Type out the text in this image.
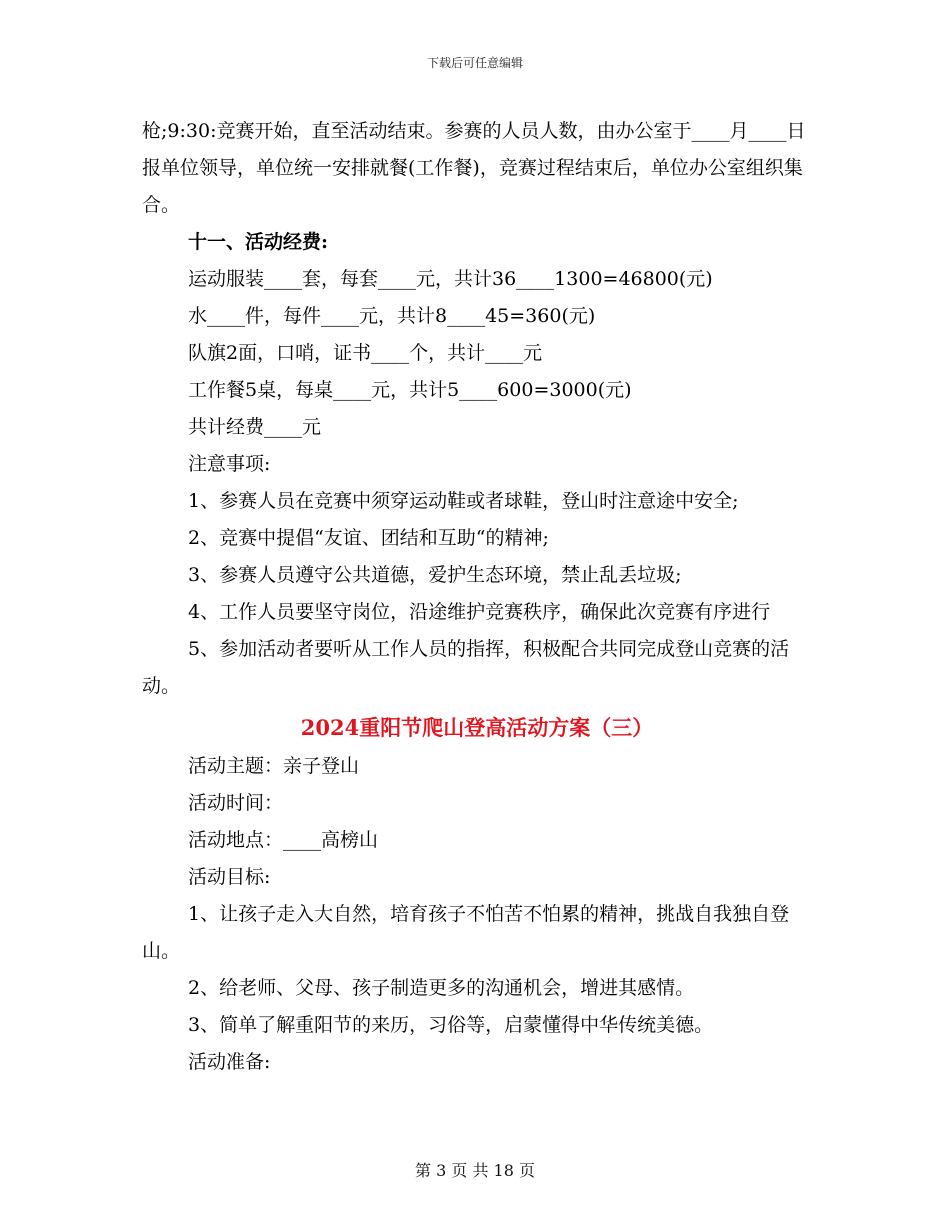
下载后可任意编辑

枪;9:30:竞赛开始，直至活动结束。参赛的人员人数，由办公室于____月____日报单位领导，单位统一安排就餐(工作餐)，竞赛过程结束后，单位办公室组织集合。

十一、活动经费:

运动服装____套，每套____元，共计36____1300=46800(元)

水____件，每件____元，共计8____45=360(元)

队旗2面，口哨，证书____个，共计____元

工作餐5桌，每桌____元，共计5____600=3000(元)

共计经费____元

注意事项:

1、参赛人员在竞赛中须穿运动鞋或者球鞋，登山时注意途中安全;

2、竞赛中提倡“友谊、团结和互助“的精神;

3、参赛人员遵守公共道德，爱护生态环境，禁止乱丢垃圾;

4、工作人员要坚守岗位，沿途维护竞赛秩序，确保此次竞赛有序进行

5、参加活动者要听从工作人员的指挥，积极配合共同完成登山竞赛的活动。

2024重阳节爬山登高活动方案（三）

活动主题：亲子登山

活动时间：

活动地点：____高榜山

活动目标:

1、让孩子走入大自然，培育孩子不怕苦不怕累的精神，挑战自我独自登山。

2、给老师、父母、孩子制造更多的沟通机会，增进其感情。

3、简单了解重阳节的来历，习俗等，启蒙懂得中华传统美德。

活动准备:

第 3 页 共 18 页
